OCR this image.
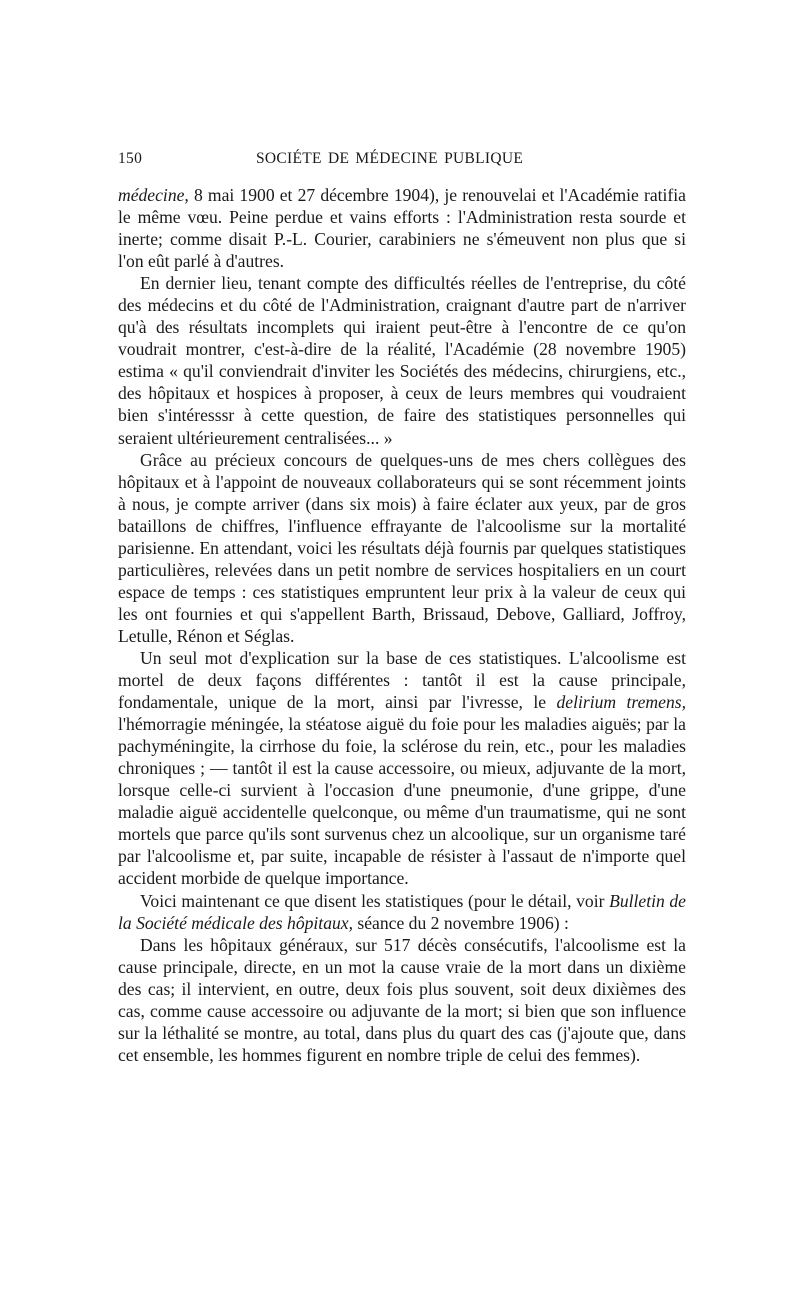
150	SOCIÉTE DE MÉDECINE PUBLIQUE

médecine, 8 mai 1900 et 27 décembre 1904), je renouvelai et l'Académie ratifia le même vœu. Peine perdue et vains efforts : l'Administration resta sourde et inerte; comme disait P.-L. Courier, carabiniers ne s'émeuvent non plus que si l'on eût parlé à d'autres.

En dernier lieu, tenant compte des difficultés réelles de l'entreprise, du côté des médecins et du côté de l'Administration, craignant d'autre part de n'arriver qu'à des résultats incomplets qui iraient peut-être à l'encontre de ce qu'on voudrait montrer, c'est-à-dire de la réalité, l'Académie (28 novembre 1905) estima « qu'il conviendrait d'inviter les Sociétés des médecins, chirurgiens, etc., des hôpitaux et hospices à proposer, à ceux de leurs membres qui voudraient bien s'intéresssr à cette question, de faire des statistiques personnelles qui seraient ultérieurement centralisées... »

Grâce au précieux concours de quelques-uns de mes chers collègues des hôpitaux et à l'appoint de nouveaux collaborateurs qui se sont récemment joints à nous, je compte arriver (dans six mois) à faire éclater aux yeux, par de gros bataillons de chiffres, l'influence effrayante de l'alcoolisme sur la mortalité parisienne. En attendant, voici les résultats déjà fournis par quelques statistiques particulières, relevées dans un petit nombre de services hospitaliers en un court espace de temps : ces statistiques empruntent leur prix à la valeur de ceux qui les ont fournies et qui s'appellent Barth, Brissaud, Debove, Galliard, Joffroy, Letulle, Rénon et Séglas.

Un seul mot d'explication sur la base de ces statistiques. L'alcoolisme est mortel de deux façons différentes : tantôt il est la cause principale, fondamentale, unique de la mort, ainsi par l'ivresse, le delirium tremens, l'hémorragie méningée, la stéatose aiguë du foie pour les maladies aiguës; par la pachyméningite, la cirrhose du foie, la sclérose du rein, etc., pour les maladies chroniques ; — tantôt il est la cause accessoire, ou mieux, adjuvante de la mort, lorsque celle-ci survient à l'occasion d'une pneumonie, d'une grippe, d'une maladie aiguë accidentelle quelconque, ou même d'un traumatisme, qui ne sont mortels que parce qu'ils sont survenus chez un alcoolique, sur un organisme taré par l'alcoolisme et, par suite, incapable de résister à l'assaut de n'importe quel accident morbide de quelque importance.

Voici maintenant ce que disent les statistiques (pour le détail, voir Bulletin de la Société médicale des hôpitaux, séance du 2 novembre 1906) :

Dans les hôpitaux généraux, sur 517 décès consécutifs, l'alcoolisme est la cause principale, directe, en un mot la cause vraie de la mort dans un dixième des cas; il intervient, en outre, deux fois plus souvent, soit deux dixièmes des cas, comme cause accessoire ou adjuvante de la mort; si bien que son influence sur la léthalité se montre, au total, dans plus du quart des cas (j'ajoute que, dans cet ensemble, les hommes figurent en nombre triple de celui des femmes).
